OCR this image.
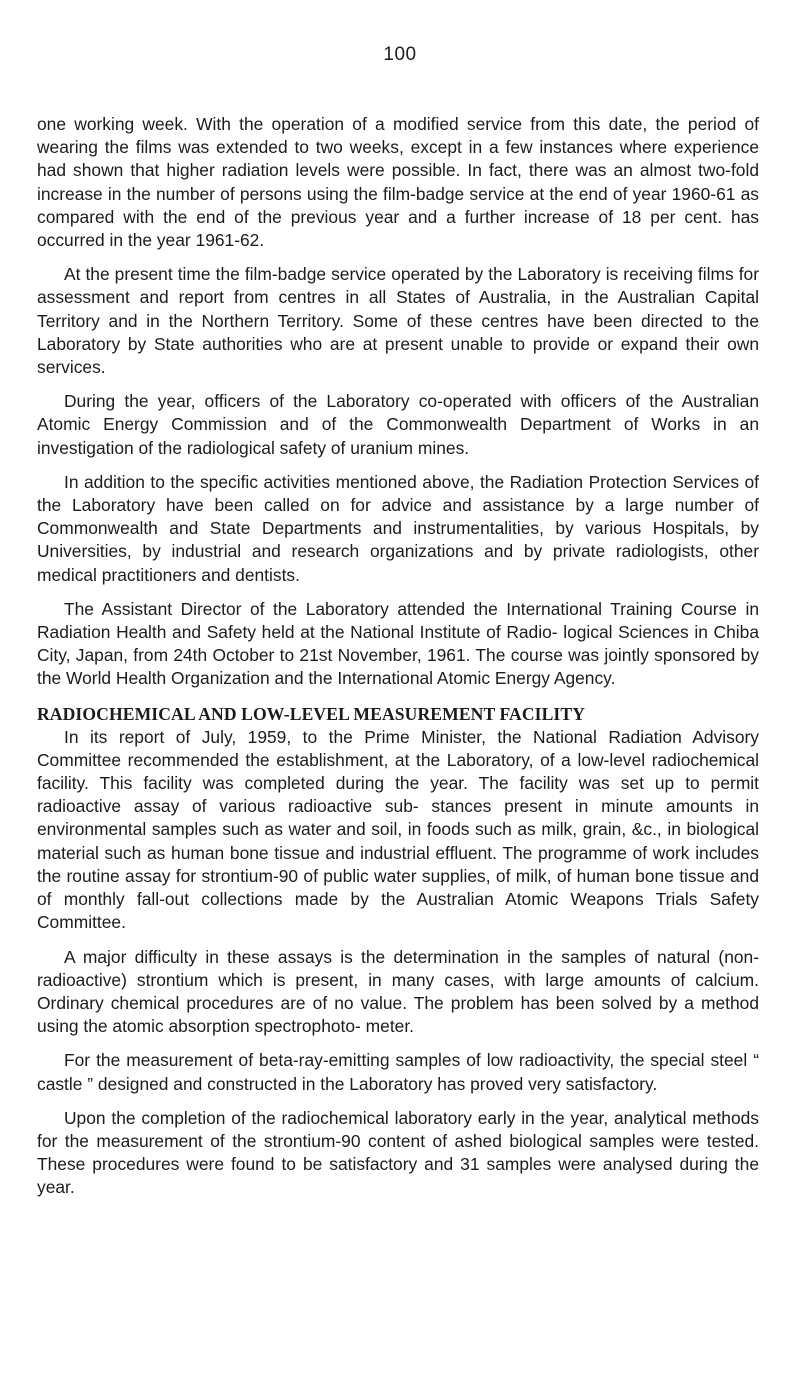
100

one working week. With the operation of a modified service from this date, the period of wearing the films was extended to two weeks, except in a few instances where experience had shown that higher radiation levels were possible. In fact, there was an almost two-fold increase in the number of persons using the film-badge service at the end of year 1960-61 as compared with the end of the previous year and a further increase of 18 per cent. has occurred in the year 1961-62.

At the present time the film-badge service operated by the Laboratory is receiving films for assessment and report from centres in all States of Australia, in the Australian Capital Territory and in the Northern Territory. Some of these centres have been directed to the Laboratory by State authorities who are at present unable to provide or expand their own services.

During the year, officers of the Laboratory co-operated with officers of the Australian Atomic Energy Commission and of the Commonwealth Department of Works in an investigation of the radiological safety of uranium mines.

In addition to the specific activities mentioned above, the Radiation Protection Services of the Laboratory have been called on for advice and assistance by a large number of Commonwealth and State Departments and instrumentalities, by various Hospitals, by Universities, by industrial and research organizations and by private radiologists, other medical practitioners and dentists.

The Assistant Director of the Laboratory attended the International Training Course in Radiation Health and Safety held at the National Institute of Radio- logical Sciences in Chiba City, Japan, from 24th October to 21st November, 1961. The course was jointly sponsored by the World Health Organization and the International Atomic Energy Agency.

RADIOCHEMICAL AND LOW-LEVEL MEASUREMENT FACILITY

In its report of July, 1959, to the Prime Minister, the National Radiation Advisory Committee recommended the establishment, at the Laboratory, of a low-level radiochemical facility. This facility was completed during the year. The facility was set up to permit radioactive assay of various radioactive sub- stances present in minute amounts in environmental samples such as water and soil, in foods such as milk, grain, &c., in biological material such as human bone tissue and industrial effluent. The programme of work includes the routine assay for strontium-90 of public water supplies, of milk, of human bone tissue and of monthly fall-out collections made by the Australian Atomic Weapons Trials Safety Committee.

A major difficulty in these assays is the determination in the samples of natural (non-radioactive) strontium which is present, in many cases, with large amounts of calcium. Ordinary chemical procedures are of no value. The problem has been solved by a method using the atomic absorption spectrophoto- meter.

For the measurement of beta-ray-emitting samples of low radioactivity, the special steel “ castle ” designed and constructed in the Laboratory has proved very satisfactory.

Upon the completion of the radiochemical laboratory early in the year, analytical methods for the measurement of the strontium-90 content of ashed biological samples were tested. These procedures were found to be satisfactory and 31 samples were analysed during the year.
